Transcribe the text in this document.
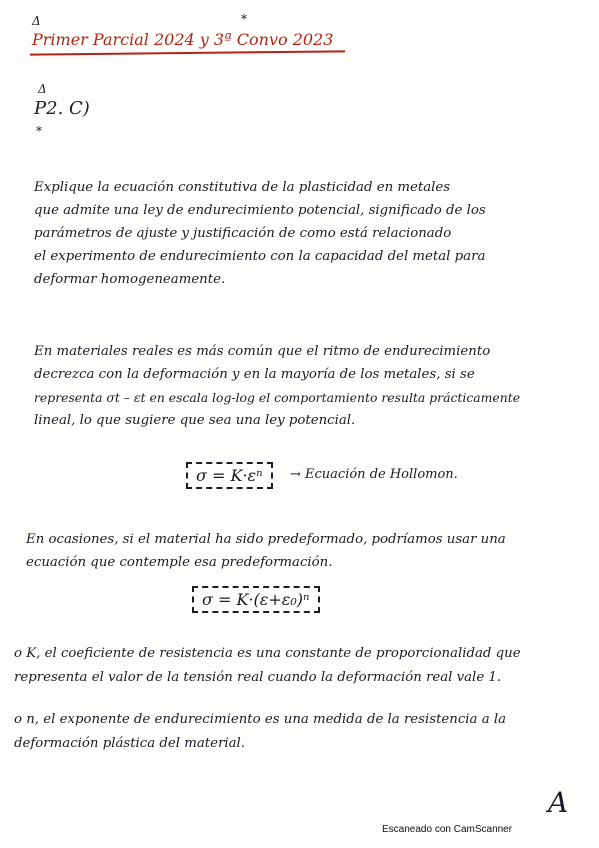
Δ	*
Primer Parcial 2024 y 3ª Convo 2023
Δ
P2. C)
*
Explique la ecuación constitutiva de la plasticidad en metales
que admite una ley de endurecimiento potencial, significado de los
parámetros de ajuste y justificación de como está relacionado
el experimento de endurecimiento con la capacidad del metal para
deformar homogeneamente.
En materiales reales es más común que el ritmo de endurecimiento
decrezca con la deformación y en la mayoría de los metales, si se
representa σt – εt en escala log-log el comportamiento resulta prácticamente
lineal, lo que sugiere que sea una ley potencial.
σ = K·εⁿ	→ Ecuación de Hollomon.
En ocasiones, si el material ha sido predeformado, podríamos usar una
ecuación que contemple esa predeformación.
σ = K·(ε+ε₀)ⁿ
o K, el coeficiente de resistencia es una constante de proporcionalidad que
representa el valor de la tensión real cuando la deformación real vale 1.
o n, el exponente de endurecimiento es una medida de la resistencia a la
deformación plástica del material.
A
Escaneado con CamScanner
